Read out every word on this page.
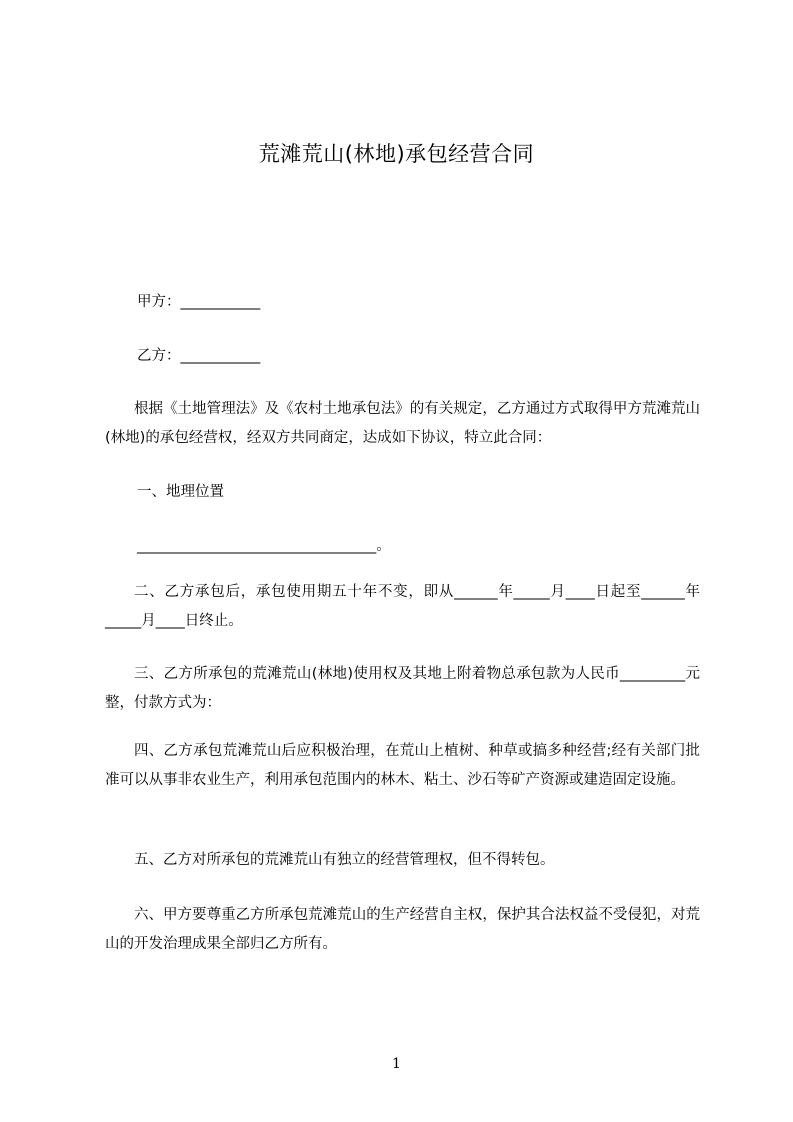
荒滩荒山(林地)承包经营合同
甲方：___________
乙方：___________
根据《土地管理法》及《农村土地承包法》的有关规定，乙方通过方式取得甲方荒滩荒山(林地)的承包经营权，经双方共同商定，达成如下协议，特立此合同：
一、地理位置
_________________________________。
二、乙方承包后，承包使用期五十年不变，即从______年_____月____日起至______年_____月____日终止。
三、乙方所承包的荒滩荒山(林地)使用权及其地上附着物总承包款为人民币_________元整，付款方式为：
四、乙方承包荒滩荒山后应积极治理，在荒山上植树、种草或搞多种经营;经有关部门批准可以从事非农业生产，利用承包范围内的林木、粘土、沙石等矿产资源或建造固定设施。
五、乙方对所承包的荒滩荒山有独立的经营管理权，但不得转包。
六、甲方要尊重乙方所承包荒滩荒山的生产经营自主权，保护其合法权益不受侵犯，对荒山的开发治理成果全部归乙方所有。
1
